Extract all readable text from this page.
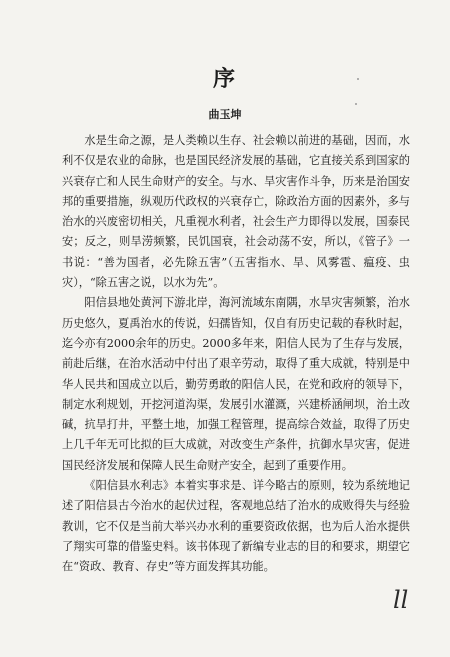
序
曲玉坤

水是生命之源，是人类赖以生存、社会赖以前进的基础，因而，水利不仅是农业的命脉，也是国民经济发展的基础，它直接关系到国家的兴衰存亡和人民生命财产的安全。与水、旱灾害作斗争，历来是治国安邦的重要措施，纵观历代政权的兴衰存亡，除政治方面的因素外，多与治水的兴废密切相关，凡重视水利者，社会生产力即得以发展，国泰民安；反之，则旱涝频繁，民饥国衰，社会动荡不安，所以，《管子》一书说：“善为国者，必先除五害”（五害指水、旱、风雾雹、瘟疫、虫灾），“除五害之说，以水为先”。

阳信县地处黄河下游北岸，海河流域东南隅，水旱灾害频繁，治水历史悠久，夏禹治水的传说，妇孺皆知，仅自有历史记载的春秋时起，迄今亦有2000余年的历史。2000多年来，阳信人民为了生存与发展，前赴后继，在治水活动中付出了艰辛劳动，取得了重大成就，特别是中华人民共和国成立以后，勤劳勇敢的阳信人民，在党和政府的领导下，制定水利规划，开挖河道沟渠，发展引水灌溉，兴建桥涵闸坝，治土改碱，抗旱打井，平整土地，加强工程管理，提高综合效益，取得了历史上几千年无可比拟的巨大成就，对改变生产条件，抗御水旱灾害，促进国民经济发展和保障人民生命财产安全，起到了重要作用。

《阳信县水利志》本着实事求是、详今略古的原则，较为系统地记述了阳信县古今治水的起伏过程，客观地总结了治水的成败得失与经验教训，它不仅是当前大举兴办水利的重要资政依据，也为后人治水提供了翔实可靠的借鉴史料。该书体现了新编专业志的目的和要求，期望它在“资政、教育、存史”等方面发挥其功能。

ll
